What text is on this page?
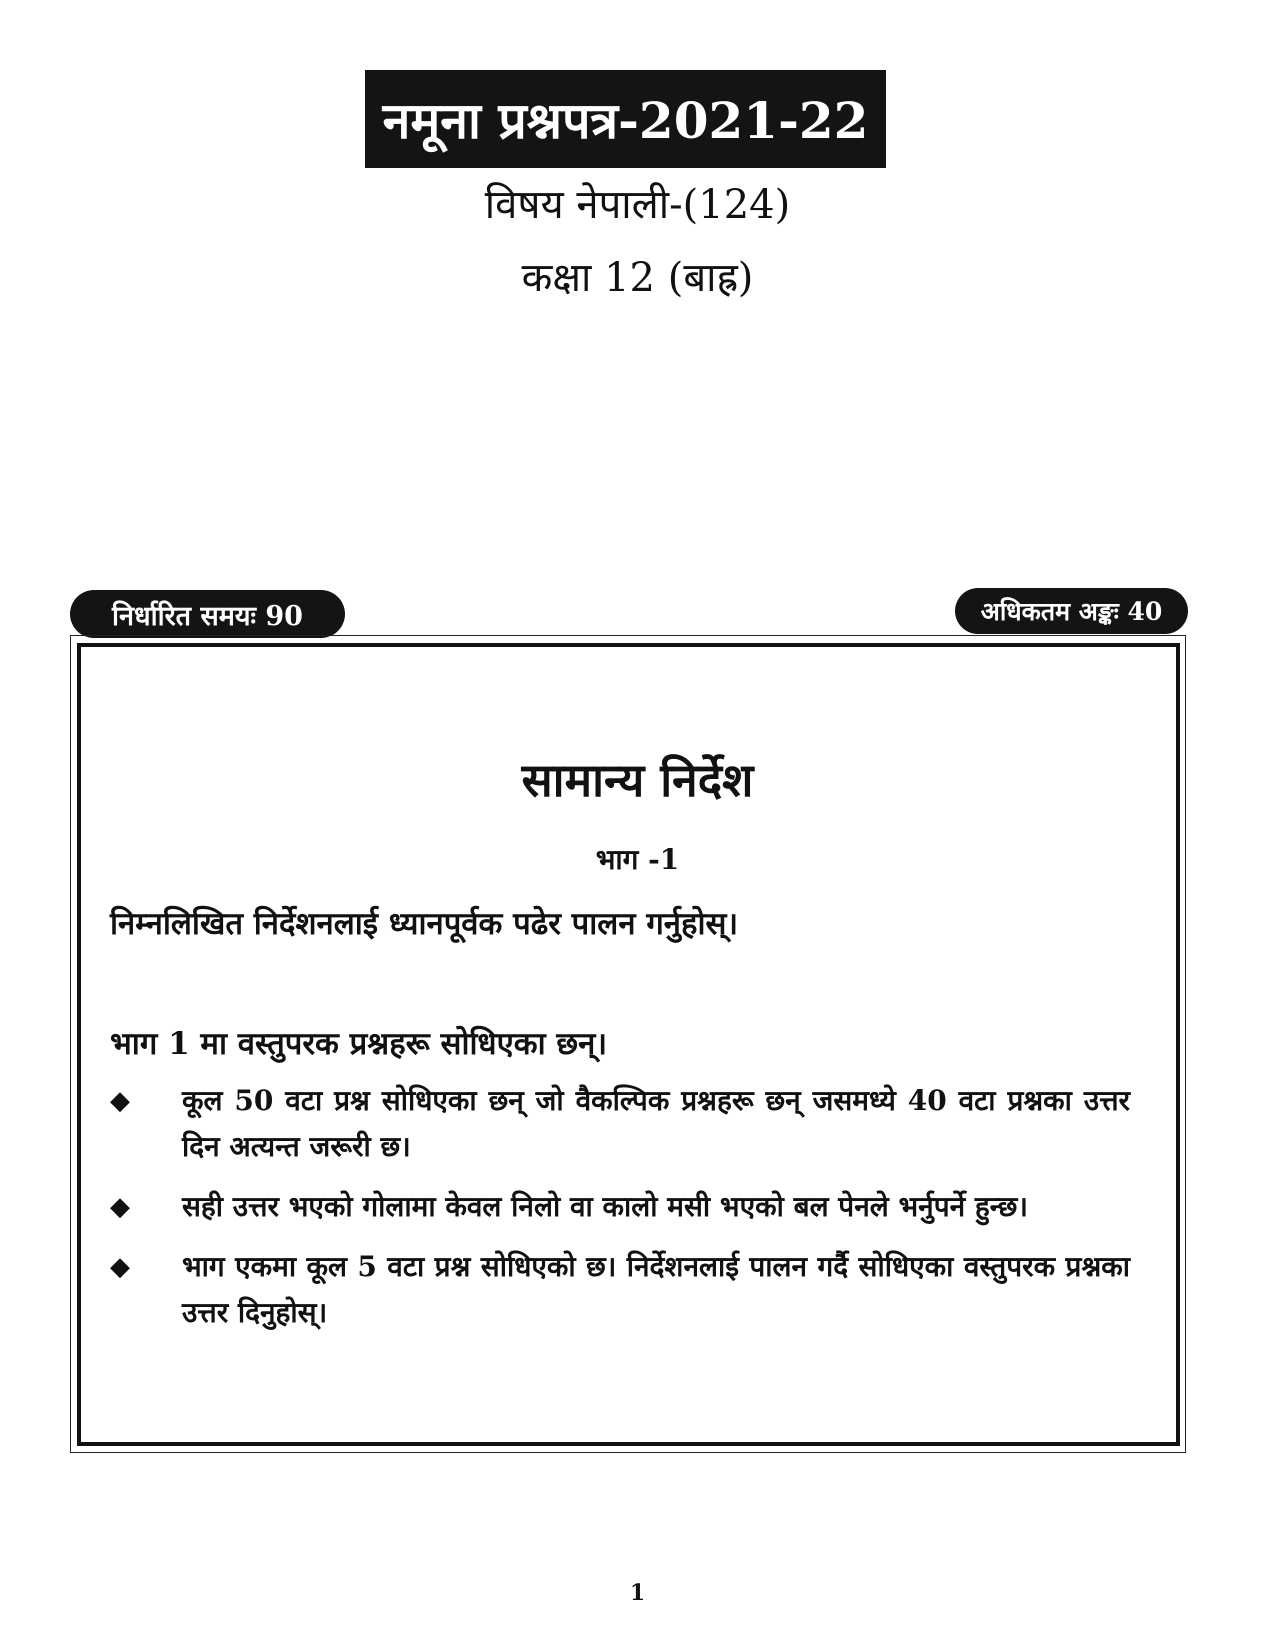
नमूना प्रश्नपत्र-2021-22
विषय नेपाली-(124)
कक्षा 12 (बाह्र)
निर्धारित समयः 90	अधिकतम अङ्कः 40
सामान्य निर्देश
भाग -1
निम्नलिखित निर्देशनलाई ध्यानपूर्वक पढेर पालन गर्नुहोस्।
भाग 1 मा वस्तुपरक प्रश्नहरू सोधिएका छन्।
◆	कूल 50 वटा प्रश्न सोधिएका छन् जो वैकल्पिक प्रश्नहरू छन् जसमध्ये 40 वटा प्रश्नका उत्तर दिन अत्यन्त जरूरी छ।
◆	सही उत्तर भएको गोलामा केवल निलो वा कालो मसी भएको बल पेनले भर्नुपर्ने हुन्छ।
◆	भाग एकमा कूल 5 वटा प्रश्न सोधिएको छ। निर्देशनलाई पालन गर्दै सोधिएका वस्तुपरक प्रश्नका उत्तर दिनुहोस्।
1
